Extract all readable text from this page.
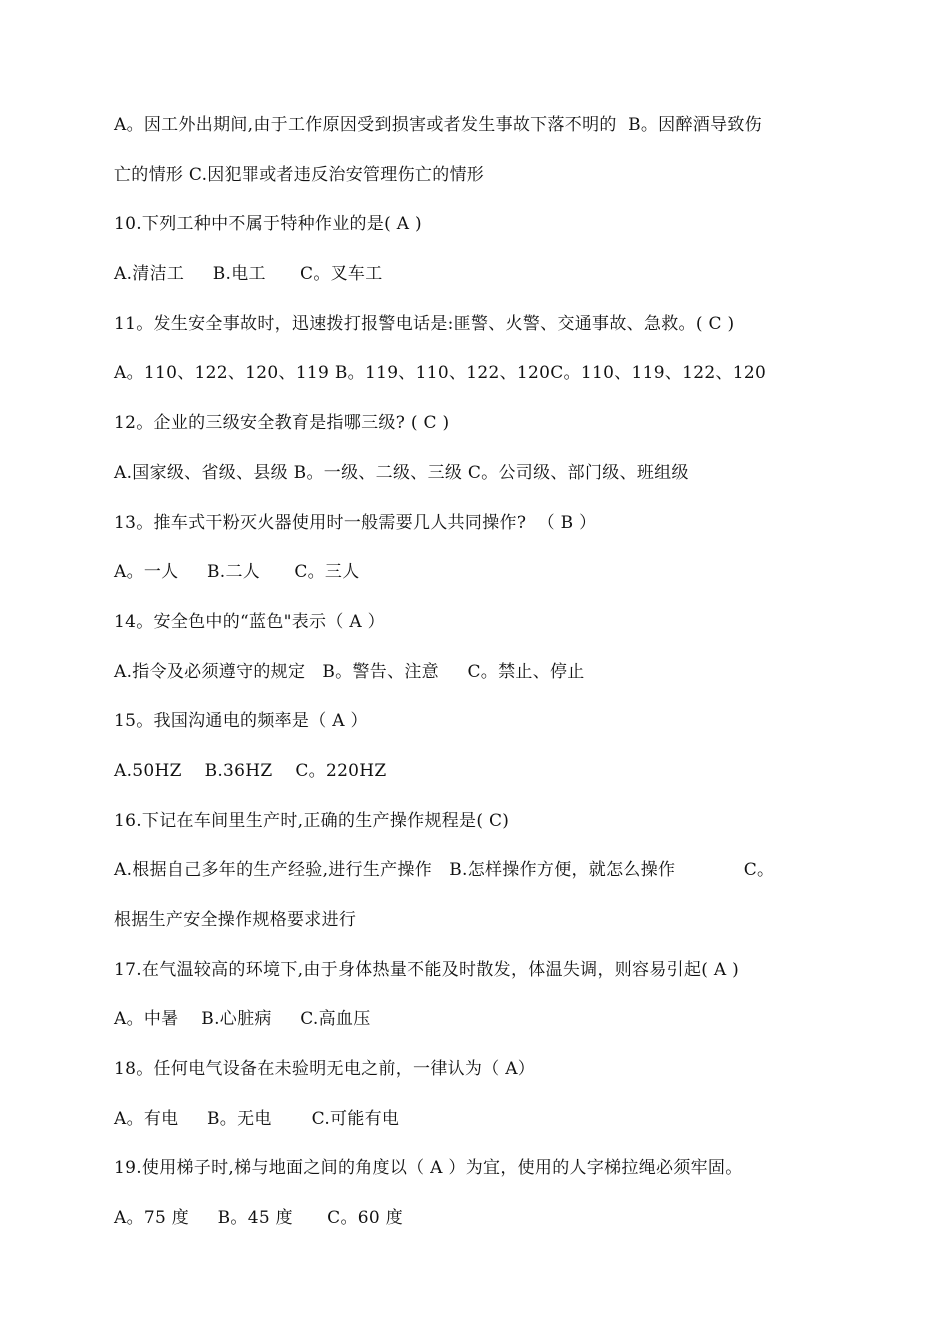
A。因工外出期间,由于工作原因受到损害或者发生事故下落不明的  B。因醉酒导致伤
亡的情形 C.因犯罪或者违反治安管理伤亡的情形
10.下列工种中不属于特种作业的是( A )
A.清洁工     B.电工      C。叉车工
11。发生安全事故时，迅速拨打报警电话是:匪警、火警、交通事故、急救。( C )
A。110、122、120、119 B。119、110、122、120C。110、119、122、120
12。企业的三级安全教育是指哪三级? ( C )
A.国家级、省级、县级 B。一级、二级、三级 C。公司级、部门级、班组级
13。推车式干粉灭火器使用时一般需要几人共同操作?  （ B ）
A。一人     B.二人      C。三人
14。安全色中的“蓝色"表示（ A ）
A.指令及必须遵守的规定   B。警告、注意     C。禁止、停止
15。我国沟通电的频率是（ A ）
A.50HZ    B.36HZ    C。220HZ
16.下记在车间里生产时,正确的生产操作规程是( C)
A.根据自己多年的生产经验,进行生产操作   B.怎样操作方便，就怎么操作            C。
根据生产安全操作规格要求进行
17.在气温较高的环境下,由于身体热量不能及时散发，体温失调，则容易引起( A )
A。中暑    B.心脏病     C.高血压
18。任何电气设备在未验明无电之前，一律认为（ A）
A。有电     B。无电       C.可能有电
19.使用梯子时,梯与地面之间的角度以（ A ）为宜，使用的人字梯拉绳必须牢固。
A。75 度     B。45 度      C。60 度
